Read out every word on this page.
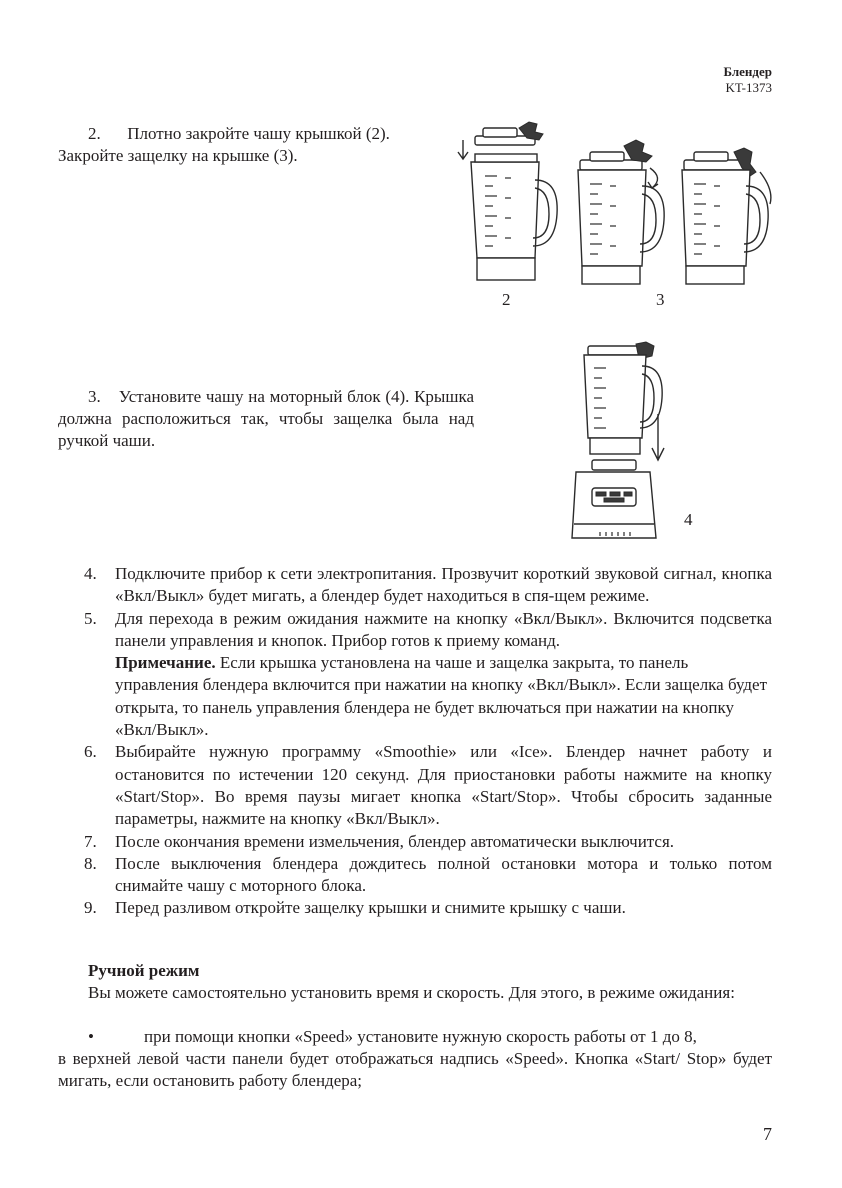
Блендер
KT-1373
2. Плотно закройте чашу крышкой (2).
Закройте защелку на крышке (3).
2	3
3. Установите чашу на моторный блок (4). Крышка должна расположиться так, чтобы защелка была над ручкой чаши.
4
4. Подключите прибор к сети электропитания. Прозвучит короткий звуковой сигнал, кнопка «Вкл/Выкл» будет мигать, а блендер будет находиться в спя-щем режиме.
5. Для перехода в режим ожидания нажмите на кнопку «Вкл/Выкл». Включится подсветка панели управления и кнопок. Прибор готов к приему команд.
Примечание. Если крышка установлена на чаше и защелка закрыта, то панель управления блендера включится при нажатии на кнопку «Вкл/Выкл». Если защелка будет открыта, то панель управления блендера не будет включаться при нажатии на кнопку «Вкл/Выкл».
6. Выбирайте нужную программу «Smoothie» или «Ice». Блендер начнет работу и остановится по истечении 120 секунд. Для приостановки работы нажмите на кнопку «Start/Stop». Во время паузы мигает кнопка «Start/Stop». Чтобы сбросить заданные параметры, нажмите на кнопку «Вкл/Выкл».
7. После окончания времени измельчения, блендер автоматически выключится.
8. После выключения блендера дождитесь полной остановки мотора и только потом снимайте чашу с моторного блока.
9. Перед разливом откройте защелку крышки и снимите крышку с чаши.
Ручной режим
Вы можете самостоятельно установить время и скорость. Для этого, в режиме ожидания:
•	при помощи кнопки «Speed» установите нужную скорость работы от 1 до 8,
в верхней левой части панели будет отображаться надпись «Speed». Кнопка «Start/ Stop» будет мигать, если остановить работу блендера;
7
